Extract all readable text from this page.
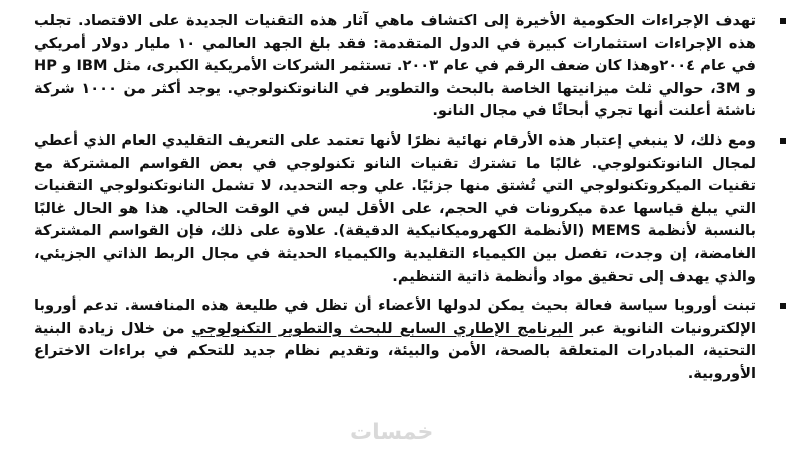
تهدف الإجراءات الحكومية الأخيرة إلى اكتشاف ماهي آثار هذه التقنيات الجديدة على الاقتصاد. تجلب هذه الإجراءات استثمارات كبيرة في الدول المتقدمة: فقد بلغ الجهد العالمي ١٠ مليار دولار أمريكي في عام ٢٠٠٤وهذا كان ضعف الرقم في عام ٢٠٠٣. تستثمر الشركات الأمريكية الكبرى، مثل IBM و HP و 3M، حوالي ثلث ميزانيتها الخاصة بالبحث والتطوير في النانوتكنولوجي. يوجد أكثر من ١٠٠٠ شركة ناشئة أعلنت أنها تجري أبحاثًا في مجال النانو.
ومع ذلك، لا ينبغي إعتبار هذه الأرقام نهائية نظرًا لأنها تعتمد على التعريف التقليدي العام الذي أعطي لمجال النانوتكنولوجي. غالبًا ما تشترك تقنيات النانو تكنولوجي في بعض القواسم المشتركة مع تقنيات الميكروتكنولوجي التي تُشتق منها جزئيًا. علي وجه التحديد، لا تشمل النانوتكنولوجي التقنيات التي يبلغ قياسها عدة ميكرونات في الحجم، على الأقل ليس في الوقت الحالي. هذا هو الحال غالبًا بالنسبة لأنظمة MEMS (الأنظمة الكهروميكانيكية الدقيقة). علاوة على ذلك، فإن القواسم المشتركة الغامضة، إن وجدت، تفصل بين الكيمياء التقليدية والكيمياء الحديثة في مجال الربط الذاتي الجزيئي، والذي يهدف إلى تحقيق مواد وأنظمة ذاتية التنظيم.
تبنت أوروبا سياسة فعالة بحيث يمكن لدولها الأعضاء أن تظل في طليعة هذه المنافسة. تدعم أوروبا الإلكترونيات النانوية عبر البرنامج الإطاري السابع للبحث والتطوير التكنولوجي من خلال زيادة البنية التحتية، المبادرات المتعلقة بالصحة، الأمن والبيئة، وتقديم نظام جديد للتحكم في براءات الاختراع الأوروبية.
خمسات
